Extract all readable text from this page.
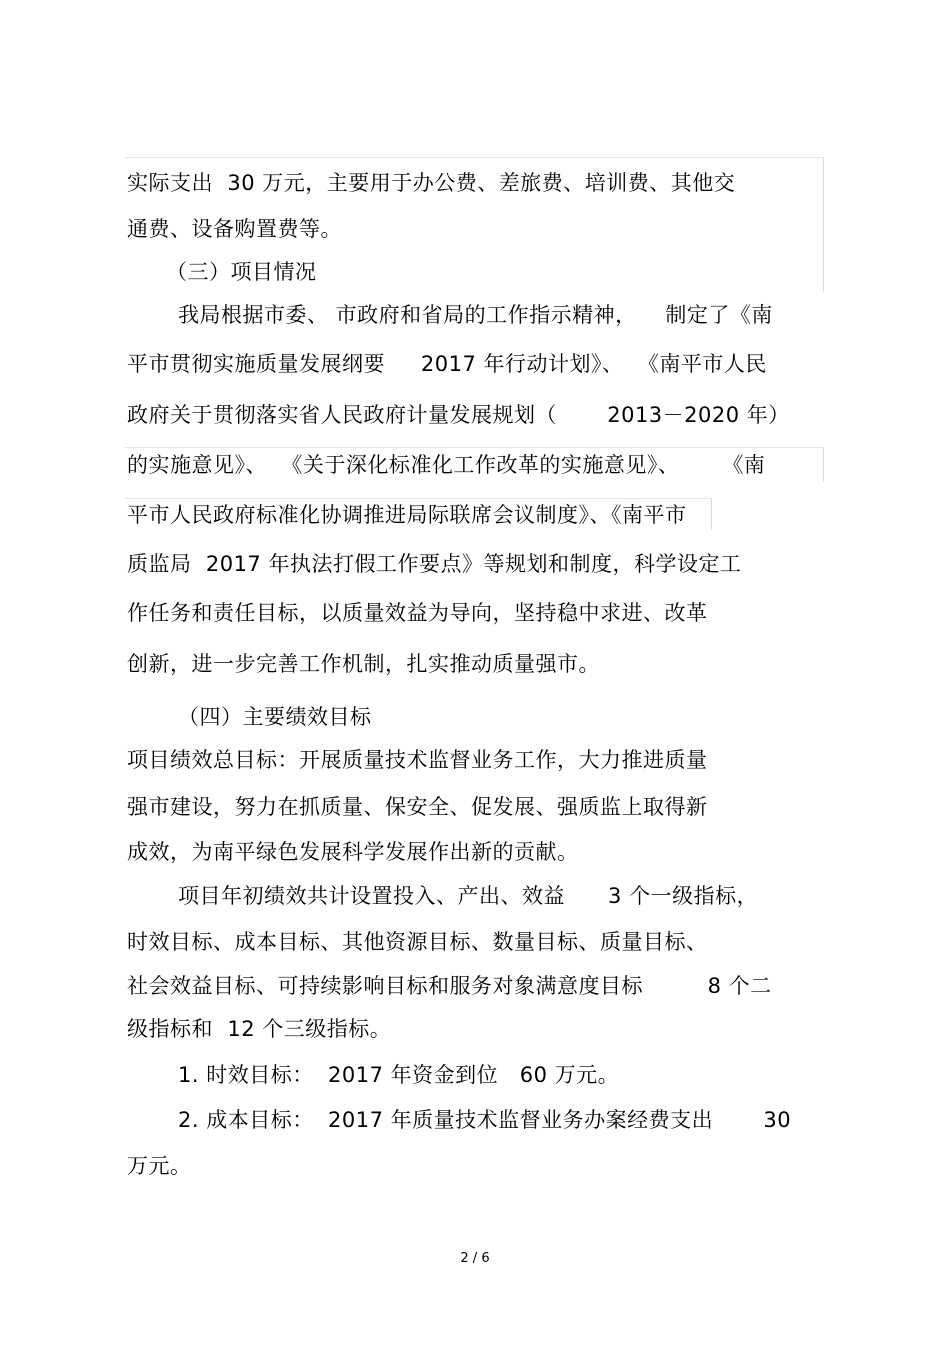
实际支出  30 万元，主要用于办公费、差旅费、培训费、其他交
通费、设备购置费等。
（三）项目情况
我局根据市委、 市政府和省局的工作指示精神，    制定了《南
平市贯彻实施质量发展纲要     2017 年行动计划》、  《南平市人民
政府关于贯彻落实省人民政府计量发展规划（       2013－2020 年）
的实施意见》、  《关于深化标准化工作改革的实施意见》、      《南
平市人民政府标准化协调推进局际联席会议制度》、《南平市
质监局  2017 年执法打假工作要点》等规划和制度，科学设定工
作任务和责任目标，以质量效益为导向，坚持稳中求进、改革
创新，进一步完善工作机制，扎实推动质量强市。
（四）主要绩效目标
项目绩效总目标：开展质量技术监督业务工作，大力推进质量
强市建设，努力在抓质量、保安全、促发展、强质监上取得新
成效，为南平绿色发展科学发展作出新的贡献。
项目年初绩效共计设置投入、产出、效益      3 个一级指标，
时效目标、成本目标、其他资源目标、数量目标、质量目标、
社会效益目标、可持续影响目标和服务对象满意度目标         8 个二
级指标和  12 个三级指标。
1. 时效目标：  2017 年资金到位   60 万元。
2. 成本目标：  2017 年质量技术监督业务办案经费支出       30
万元。
2 / 6
